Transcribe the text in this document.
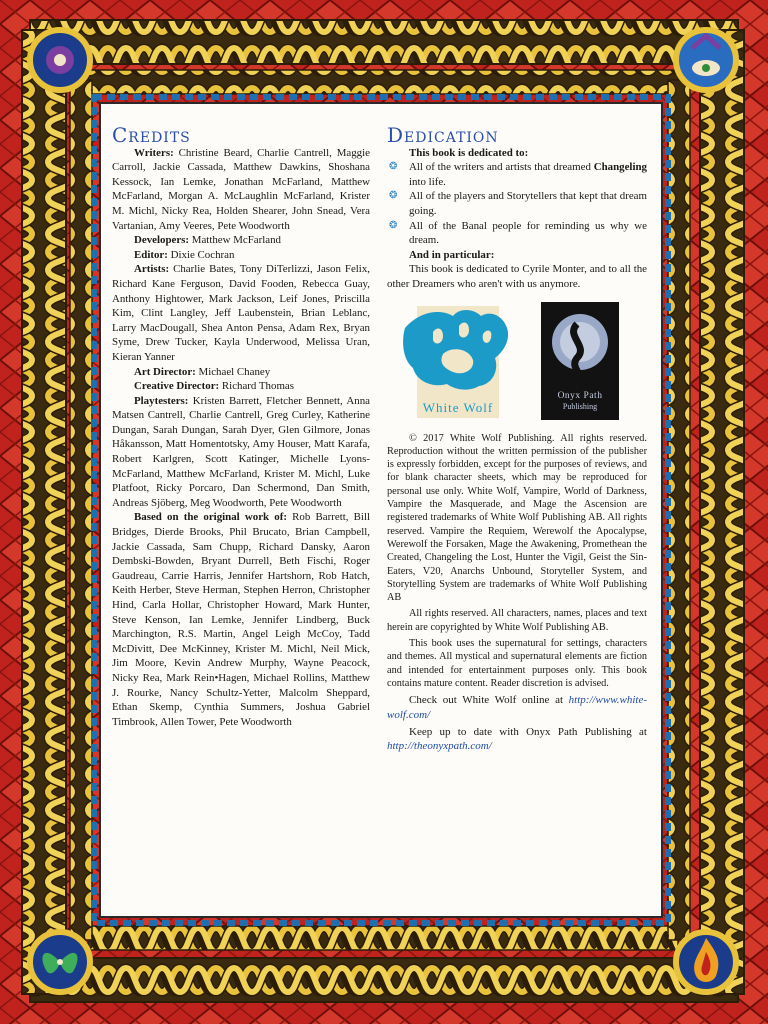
Credits

Writers: Christine Beard, Charlie Cantrell, Maggie Carroll, Jackie Cassada, Matthew Dawkins, Shoshana Kessock, Ian Lemke, Jonathan McFarland, Matthew McFarland, Morgan A. McLaughlin McFarland, Krister M. Michl, Nicky Rea, Holden Shearer, John Snead, Vera Vartanian, Amy Veeres, Pete Woodworth

Developers: Matthew McFarland

Editor: Dixie Cochran

Artists: Charlie Bates, Tony DiTerlizzi, Jason Felix, Richard Kane Ferguson, David Fooden, Rebecca Guay, Anthony Hightower, Mark Jackson, Leif Jones, Priscilla Kim, Clint Langley, Jeff Laubenstein, Brian Leblanc, Larry MacDougall, Shea Anton Pensa, Adam Rex, Bryan Syme, Drew Tucker, Kayla Underwood, Melissa Uran, Kieran Yanner

Art Director: Michael Chaney

Creative Director: Richard Thomas

Playtesters: Kristen Barrett, Fletcher Bennett, Anna Matsen Cantrell, Charlie Cantrell, Greg Curley, Katherine Dungan, Sarah Dungan, Sarah Dyer, Glen Gilmore, Jonas Håkansson, Matt Homentotsky, Amy Houser, Matt Karafa, Robert Karlgren, Scott Katinger, Michelle Lyons-McFarland, Matthew McFarland, Krister M. Michl, Luke Platfoot, Ricky Porcaro, Dan Schermond, Dan Smith, Andreas Sjöberg, Meg Woodworth, Pete Woodworth

Based on the original work of: Rob Barrett, Bill Bridges, Dierde Brooks, Phil Brucato, Brian Campbell, Jackie Cassada, Sam Chupp, Richard Dansky, Aaron Dembski-Bowden, Bryant Durrell, Beth Fischi, Roger Gaudreau, Carrie Harris, Jennifer Hartshorn, Rob Hatch, Keith Herber, Steve Herman, Stephen Herron, Christopher Hind, Carla Hollar, Christopher Howard, Mark Hunter, Steve Kenson, Ian Lemke, Jennifer Lindberg, Buck Marchington, R.S. Martin, Angel Leigh McCoy, Tadd McDivitt, Dee McKinney, Krister M. Michl, Neil Mick, Jim Moore, Kevin Andrew Murphy, Wayne Peacock, Nicky Rea, Mark Rein•Hagen, Michael Rollins, Matthew J. Rourke, Nancy Schultz-Yetter, Malcolm Sheppard, Ethan Skemp, Cynthia Summers, Joshua Gabriel Timbrook, Allen Tower, Pete Woodworth

Dedication

This book is dedicated to:

❂ All of the writers and artists that dreamed Changeling into life.
❂ All of the players and Storytellers that kept that dream going.
❂ All of the Banal people for reminding us why we dream.

And in particular:

This book is dedicated to Cyrile Monter, and to all the other Dreamers who aren't with us anymore.

White Wolf
Onyx Path
Publishing

© 2017 White Wolf Publishing. All rights reserved. Reproduction without the written permission of the publisher is expressly forbidden, except for the purposes of reviews, and for blank character sheets, which may be reproduced for personal use only. White Wolf, Vampire, World of Darkness, Vampire the Masquerade, and Mage the Ascension are registered trademarks of White Wolf Publishing AB. All rights reserved. Vampire the Requiem, Werewolf the Apocalypse, Werewolf the Forsaken, Mage the Awakening, Promethean the Created, Changeling the Lost, Hunter the Vigil, Geist the Sin-Eaters, V20, Anarchs Unbound, Storyteller System, and Storytelling System are trademarks of White Wolf Publishing AB

All rights reserved. All characters, names, places and text herein are copyrighted by White Wolf Publishing AB.

This book uses the supernatural for settings, characters and themes. All mystical and supernatural elements are fiction and intended for entertainment purposes only. This book contains mature content. Reader discretion is advised.

Check out White Wolf online at http://www.white-wolf.com/

Keep up to date with Onyx Path Publishing at http://theonyxpath.com/
